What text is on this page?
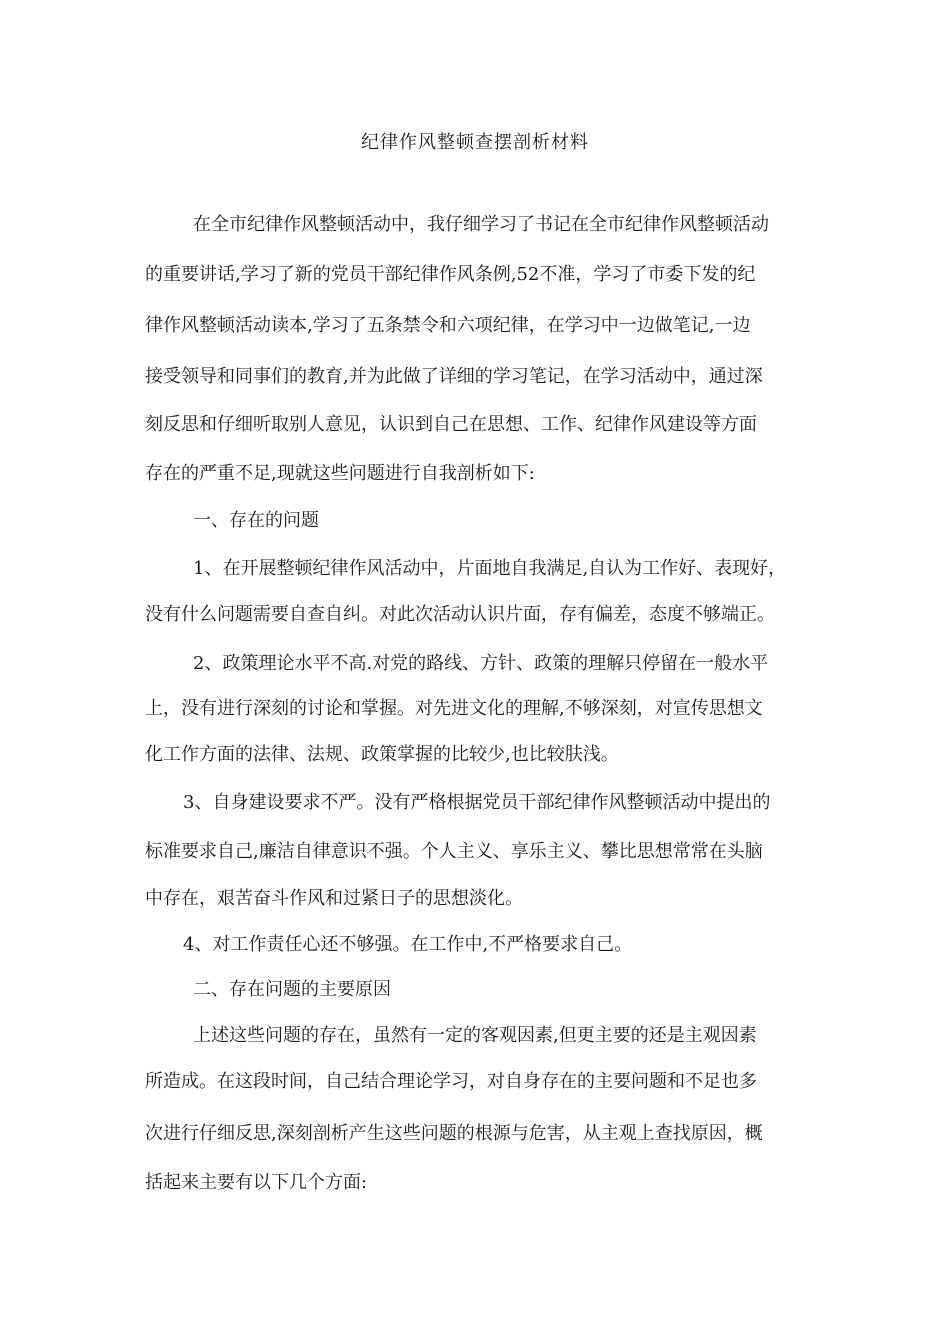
纪律作风整顿查摆剖析材料
在全市纪律作风整顿活动中，我仔细学习了书记在全市纪律作风整顿活动
的重要讲话,学习了新的党员干部纪律作风条例,52不准，学习了市委下发的纪
律作风整顿活动读本,学习了五条禁令和六项纪律，在学习中一边做笔记,一边
接受领导和同事们的教育,并为此做了详细的学习笔记，在学习活动中，通过深
刻反思和仔细听取别人意见，认识到自己在思想、工作、纪律作风建设等方面
存在的严重不足,现就这些问题进行自我剖析如下:
一、存在的问题
1、在开展整顿纪律作风活动中，片面地自我满足,自认为工作好、表现好，
没有什么问题需要自查自纠。对此次活动认识片面，存有偏差，态度不够端正。
2、政策理论水平不高.对党的路线、方针、政策的理解只停留在一般水平
上，没有进行深刻的讨论和掌握。对先进文化的理解,不够深刻，对宣传思想文
化工作方面的法律、法规、政策掌握的比较少,也比较肤浅。
3、自身建设要求不严。没有严格根据党员干部纪律作风整顿活动中提出的
标准要求自己,廉洁自律意识不强。个人主义、享乐主义、攀比思想常常在头脑
中存在，艰苦奋斗作风和过紧日子的思想淡化。
4、对工作责任心还不够强。在工作中,不严格要求自己。
二、存在问题的主要原因
上述这些问题的存在，虽然有一定的客观因素,但更主要的还是主观因素
所造成。在这段时间，自己结合理论学习，对自身存在的主要问题和不足也多
次进行仔细反思,深刻剖析产生这些问题的根源与危害，从主观上查找原因，概
括起来主要有以下几个方面:
